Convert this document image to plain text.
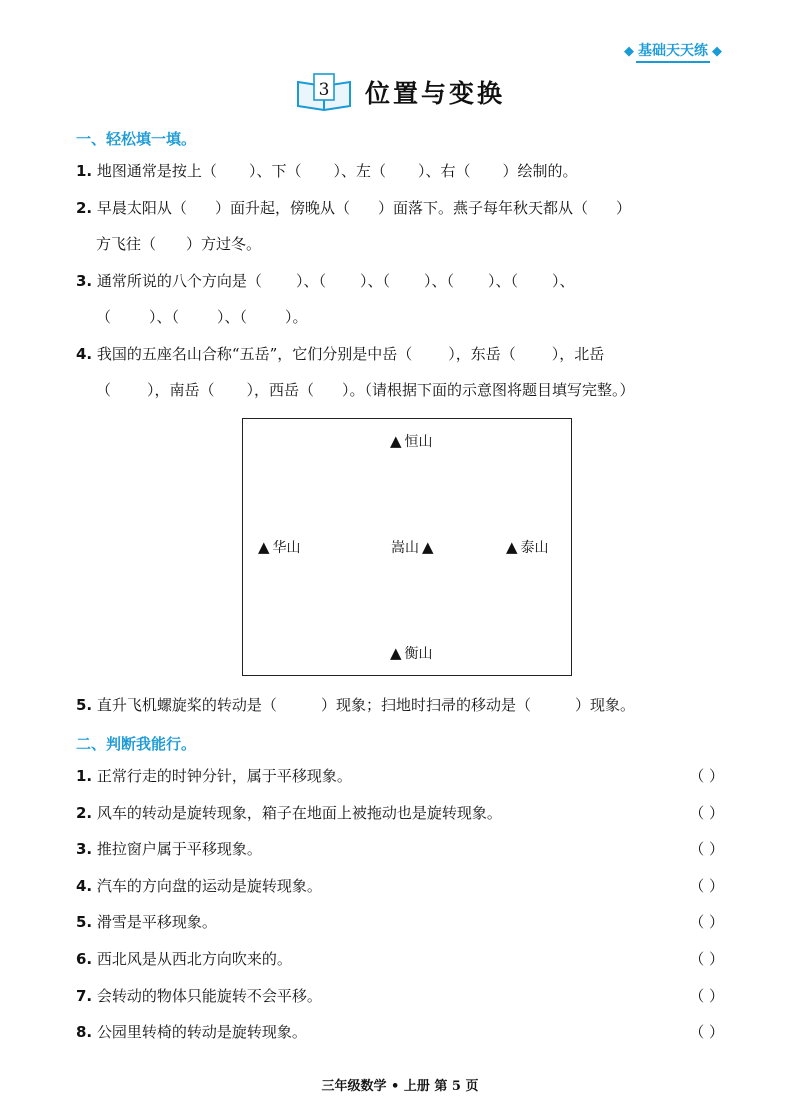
◆ 基础天天练 ◆
3 位置与变换
一、轻松填一填。
1. 地图通常是按上（ ）、下（ ）、左（ ）、右（ ）绘制的。
2. 早晨太阳从（ ）面升起，傍晚从（ ）面落下。燕子每年秋天都从（ ）
方飞往（ ）方过冬。
3. 通常所说的八个方向是（ ）、（ ）、（ ）、（ ）、（ ）、
（	）、（	）、（	）。
4. 我国的五座名山合称“五岳”，它们分别是中岳（ ），东岳（ ），北岳
（ ），南岳（ ），西岳（ ）。（请根据下面的示意图将题目填写完整。）
▲ 恒山
▲ 华山	嵩山 ▲	▲ 泰山
▲ 衡山
5. 直升飞机螺旋桨的转动是（	）现象；扫地时扫帚的移动是（	）现象。
二、判断我能行。
1. 正常行走的时钟分针，属于平移现象。	（ ）
2. 风车的转动是旋转现象，箱子在地面上被拖动也是旋转现象。	（ ）
3. 推拉窗户属于平移现象。	（ ）
4. 汽车的方向盘的运动是旋转现象。	（ ）
5. 滑雪是平移现象。	（ ）
6. 西北风是从西北方向吹来的。	（ ）
7. 会转动的物体只能旋转不会平移。	（ ）
8. 公园里转椅的转动是旋转现象。	（ ）
三年级数学 • 上册 第 5 页
